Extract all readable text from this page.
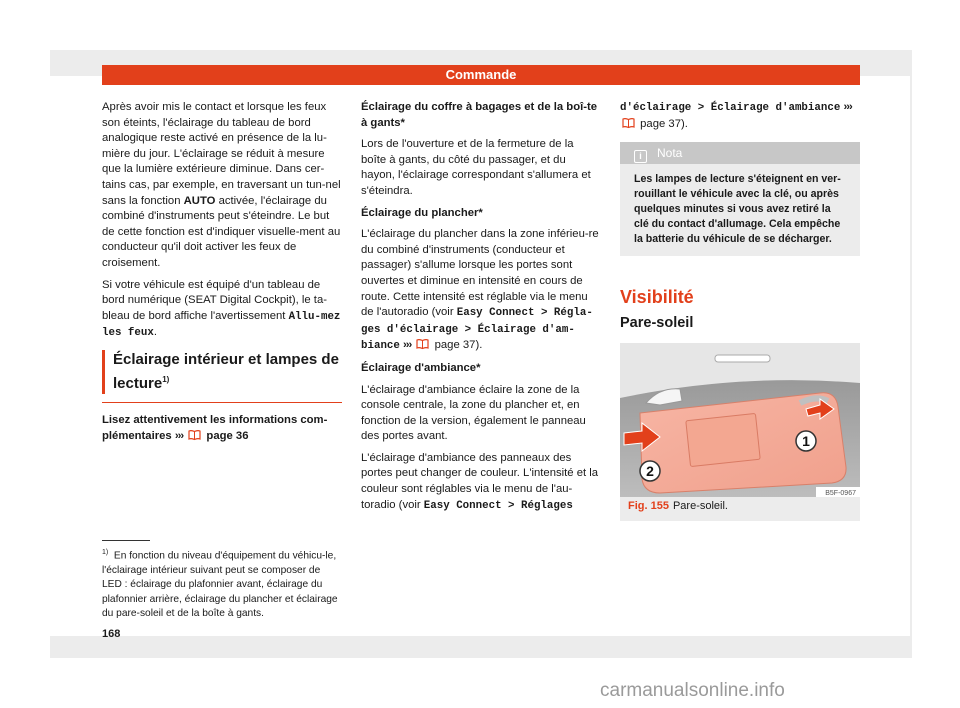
Commande

Après avoir mis le contact et lorsque les feux son éteints, l'éclairage du tableau de bord analogique reste activé en présence de la lu-mière du jour. L'éclairage se réduit à mesure que la lumière extérieure diminue. Dans cer-tains cas, par exemple, en traversant un tun-nel sans la fonction AUTO activée, l'éclairage du combiné d'instruments peut s'éteindre. Le but de cette fonction est d'indiquer visuelle-ment au conducteur qu'il doit activer les feux de croisement.

Si votre véhicule est équipé d'un tableau de bord numérique (SEAT Digital Cockpit), le ta-bleau de bord affiche l'avertissement Allu-mez les feux.

Éclairage intérieur et lampes de lecture$^{1)}$

Lisez attentivement les informations com-plémentaires ››› page 36

Éclairage du coffre à bagages et de la boî-te à gants*

Lors de l'ouverture et de la fermeture de la boîte à gants, du côté du passager, et du hayon, l'éclairage correspondant s'allumera et s'éteindra.

Éclairage du plancher*

L'éclairage du plancher dans la zone inférieu-re du combiné d'instruments (conducteur et passager) s'allume lorsque les portes sont ouvertes et diminue en intensité en cours de route. Cette intensité est réglable via le menu de l'autoradio (voir Easy Connect > Régla-ges d'éclairage > Éclairage d'am-biance ››› page 37).

Éclairage d'ambiance*

L'éclairage d'ambiance éclaire la zone de la console centrale, la zone du plancher et, en fonction de la version, également le panneau des portes avant.

L'éclairage d'ambiance des panneaux des portes peut changer de couleur. L'intensité et la couleur sont réglables via le menu de l'au-toradio (voir Easy Connect > Réglages

d'éclairage > Éclairage d'ambiance ›››  page 37).

i Nota
Les lampes de lecture s'éteignent en ver-rouillant le véhicule avec la clé, ou après quelques minutes si vous avez retiré la clé du contact d'allumage. Cela empêche la batterie du véhicule de se décharger.
Visibilité
Pare-soleil
1
2
B5F-0967
Fig. 155 Pare-soleil.
$^{1)}$ En fonction du niveau d'équipement du véhicu-le, l'éclairage intérieur suivant peut se composer de LED : éclairage du plafonnier avant, éclairage du plafonnier arrière, éclairage du plancher et éclairage du pare-soleil et de la boîte à gants.
168
carmanualsonline.info
